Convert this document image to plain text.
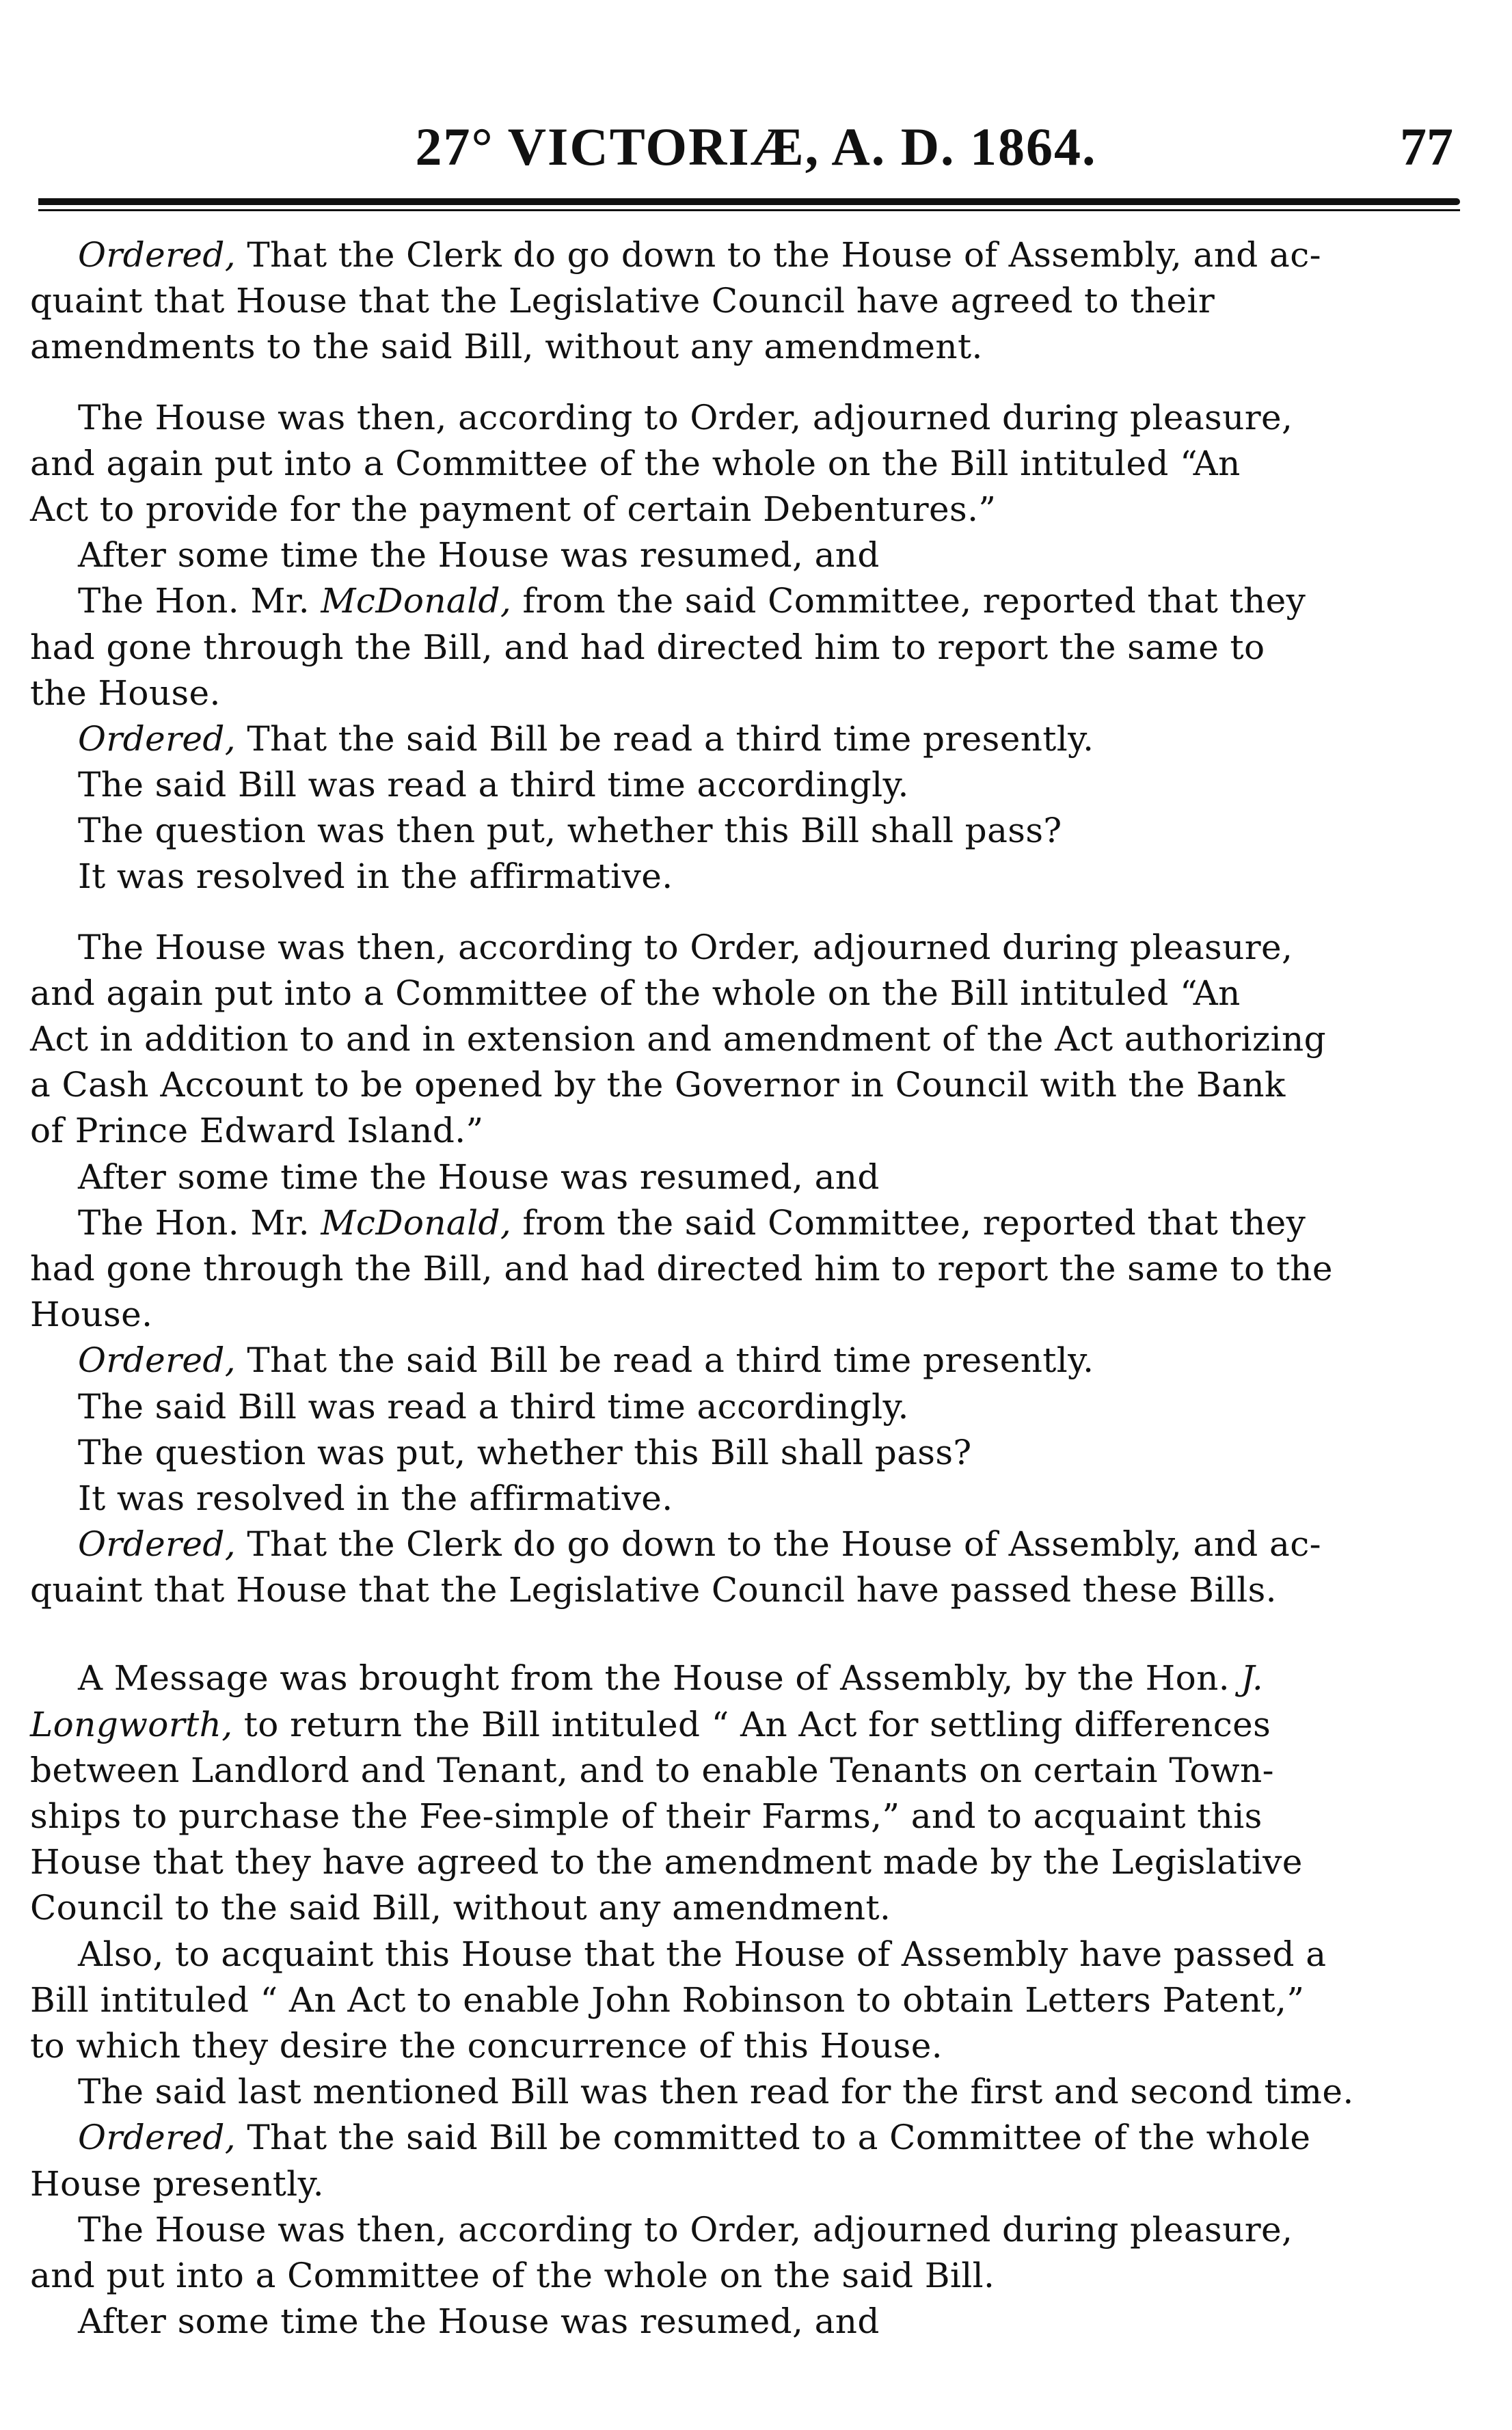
27° VICTORIÆ, A. D. 1864.	77
Ordered, That the Clerk do go down to the House of Assembly, and ac-
quaint that House that the Legislative Council have agreed to their
amendments to the said Bill, without any amendment.
The House was then, according to Order, adjourned during pleasure,
and again put into a Committee of the whole on the Bill intituled “An
Act to provide for the payment of certain Debentures.”
After some time the House was resumed, and
The Hon. Mr. McDonald, from the said Committee, reported that they
had gone through the Bill, and had directed him to report the same to
the House.
Ordered, That the said Bill be read a third time presently.
The said Bill was read a third time accordingly.
The question was then put, whether this Bill shall pass?
It was resolved in the affirmative.
The House was then, according to Order, adjourned during pleasure,
and again put into a Committee of the whole on the Bill intituled “An
Act in addition to and in extension and amendment of the Act authorizing
a Cash Account to be opened by the Governor in Council with the Bank
of Prince Edward Island.”
After some time the House was resumed, and
The Hon. Mr. McDonald, from the said Committee, reported that they
had gone through the Bill, and had directed him to report the same to the
House.
Ordered, That the said Bill be read a third time presently.
The said Bill was read a third time accordingly.
The question was put, whether this Bill shall pass?
It was resolved in the affirmative.
Ordered, That the Clerk do go down to the House of Assembly, and ac-
quaint that House that the Legislative Council have passed these Bills.
A Message was brought from the House of Assembly, by the Hon. J.
Longworth, to return the Bill intituled “ An Act for settling differences
between Landlord and Tenant, and to enable Tenants on certain Town-
ships to purchase the Fee-simple of their Farms,” and to acquaint this
House that they have agreed to the amendment made by the Legislative
Council to the said Bill, without any amendment.
Also, to acquaint this House that the House of Assembly have passed a
Bill intituled “ An Act to enable John Robinson to obtain Letters Patent,”
to which they desire the concurrence of this House.
The said last mentioned Bill was then read for the first and second time.
Ordered, That the said Bill be committed to a Committee of the whole
House presently.
The House was then, according to Order, adjourned during pleasure,
and put into a Committee of the whole on the said Bill.
After some time the House was resumed, and
